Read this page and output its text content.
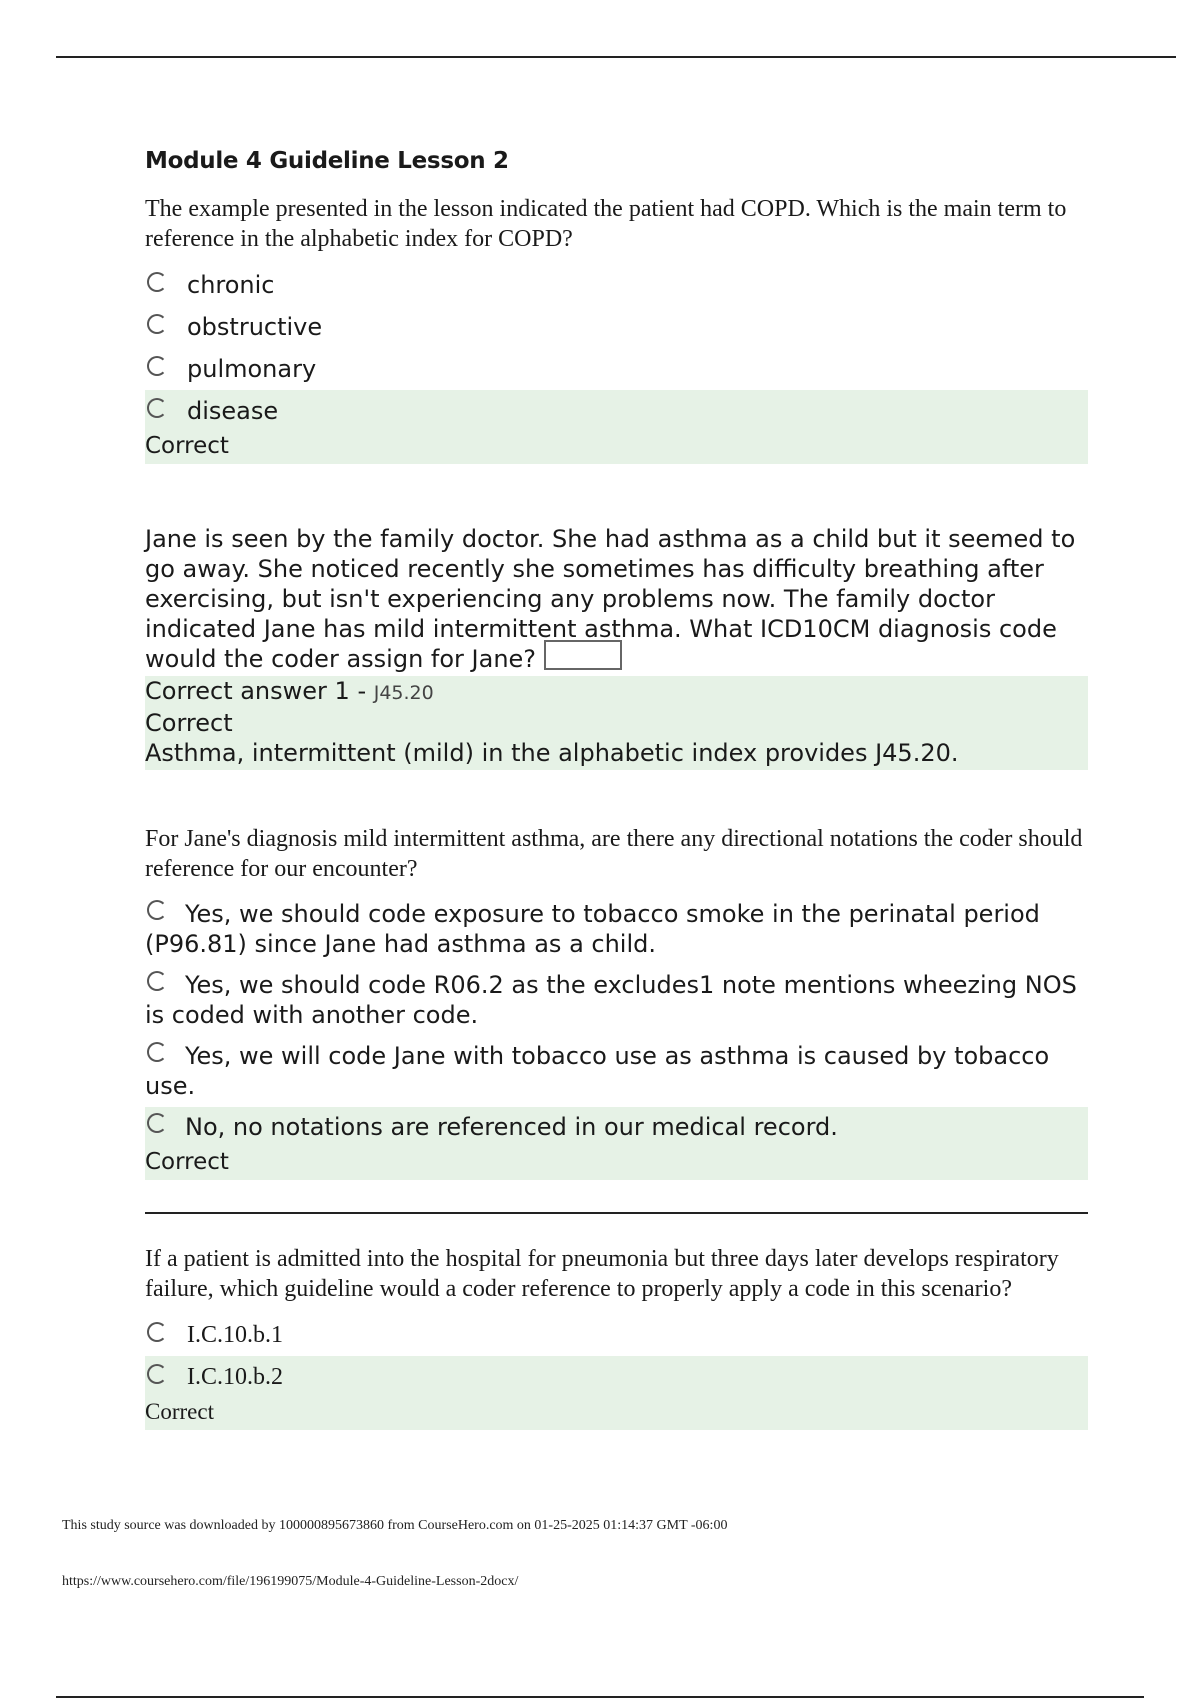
Module 4 Guideline Lesson 2

The example presented in the lesson indicated the patient had COPD. Which is the main term to reference in the alphabetic index for COPD?

chronic
obstructive
pulmonary
disease
Correct

Jane is seen by the family doctor. She had asthma as a child but it seemed to go away. She noticed recently she sometimes has difficulty breathing after exercising, but isn't experiencing any problems now. The family doctor indicated Jane has mild intermittent asthma. What ICD10CM diagnosis code would the coder assign for Jane?

Correct answer 1 - J45.20
Correct
Asthma, intermittent (mild) in the alphabetic index provides J45.20.

For Jane's diagnosis mild intermittent asthma, are there any directional notations the coder should reference for our encounter?

Yes, we should code exposure to tobacco smoke in the perinatal period (P96.81) since Jane had asthma as a child.
Yes, we should code R06.2 as the excludes1 note mentions wheezing NOS is coded with another code.
Yes, we will code Jane with tobacco use as asthma is caused by tobacco use.
No, no notations are referenced in our medical record.
Correct

If a patient is admitted into the hospital for pneumonia but three days later develops respiratory failure, which guideline would a coder reference to properly apply a code in this scenario?

I.C.10.b.1
I.C.10.b.2
Correct
This study source was downloaded by 100000895673860 from CourseHero.com on 01-25-2025 01:14:37 GMT -06:00
https://www.coursehero.com/file/196199075/Module-4-Guideline-Lesson-2docx/
